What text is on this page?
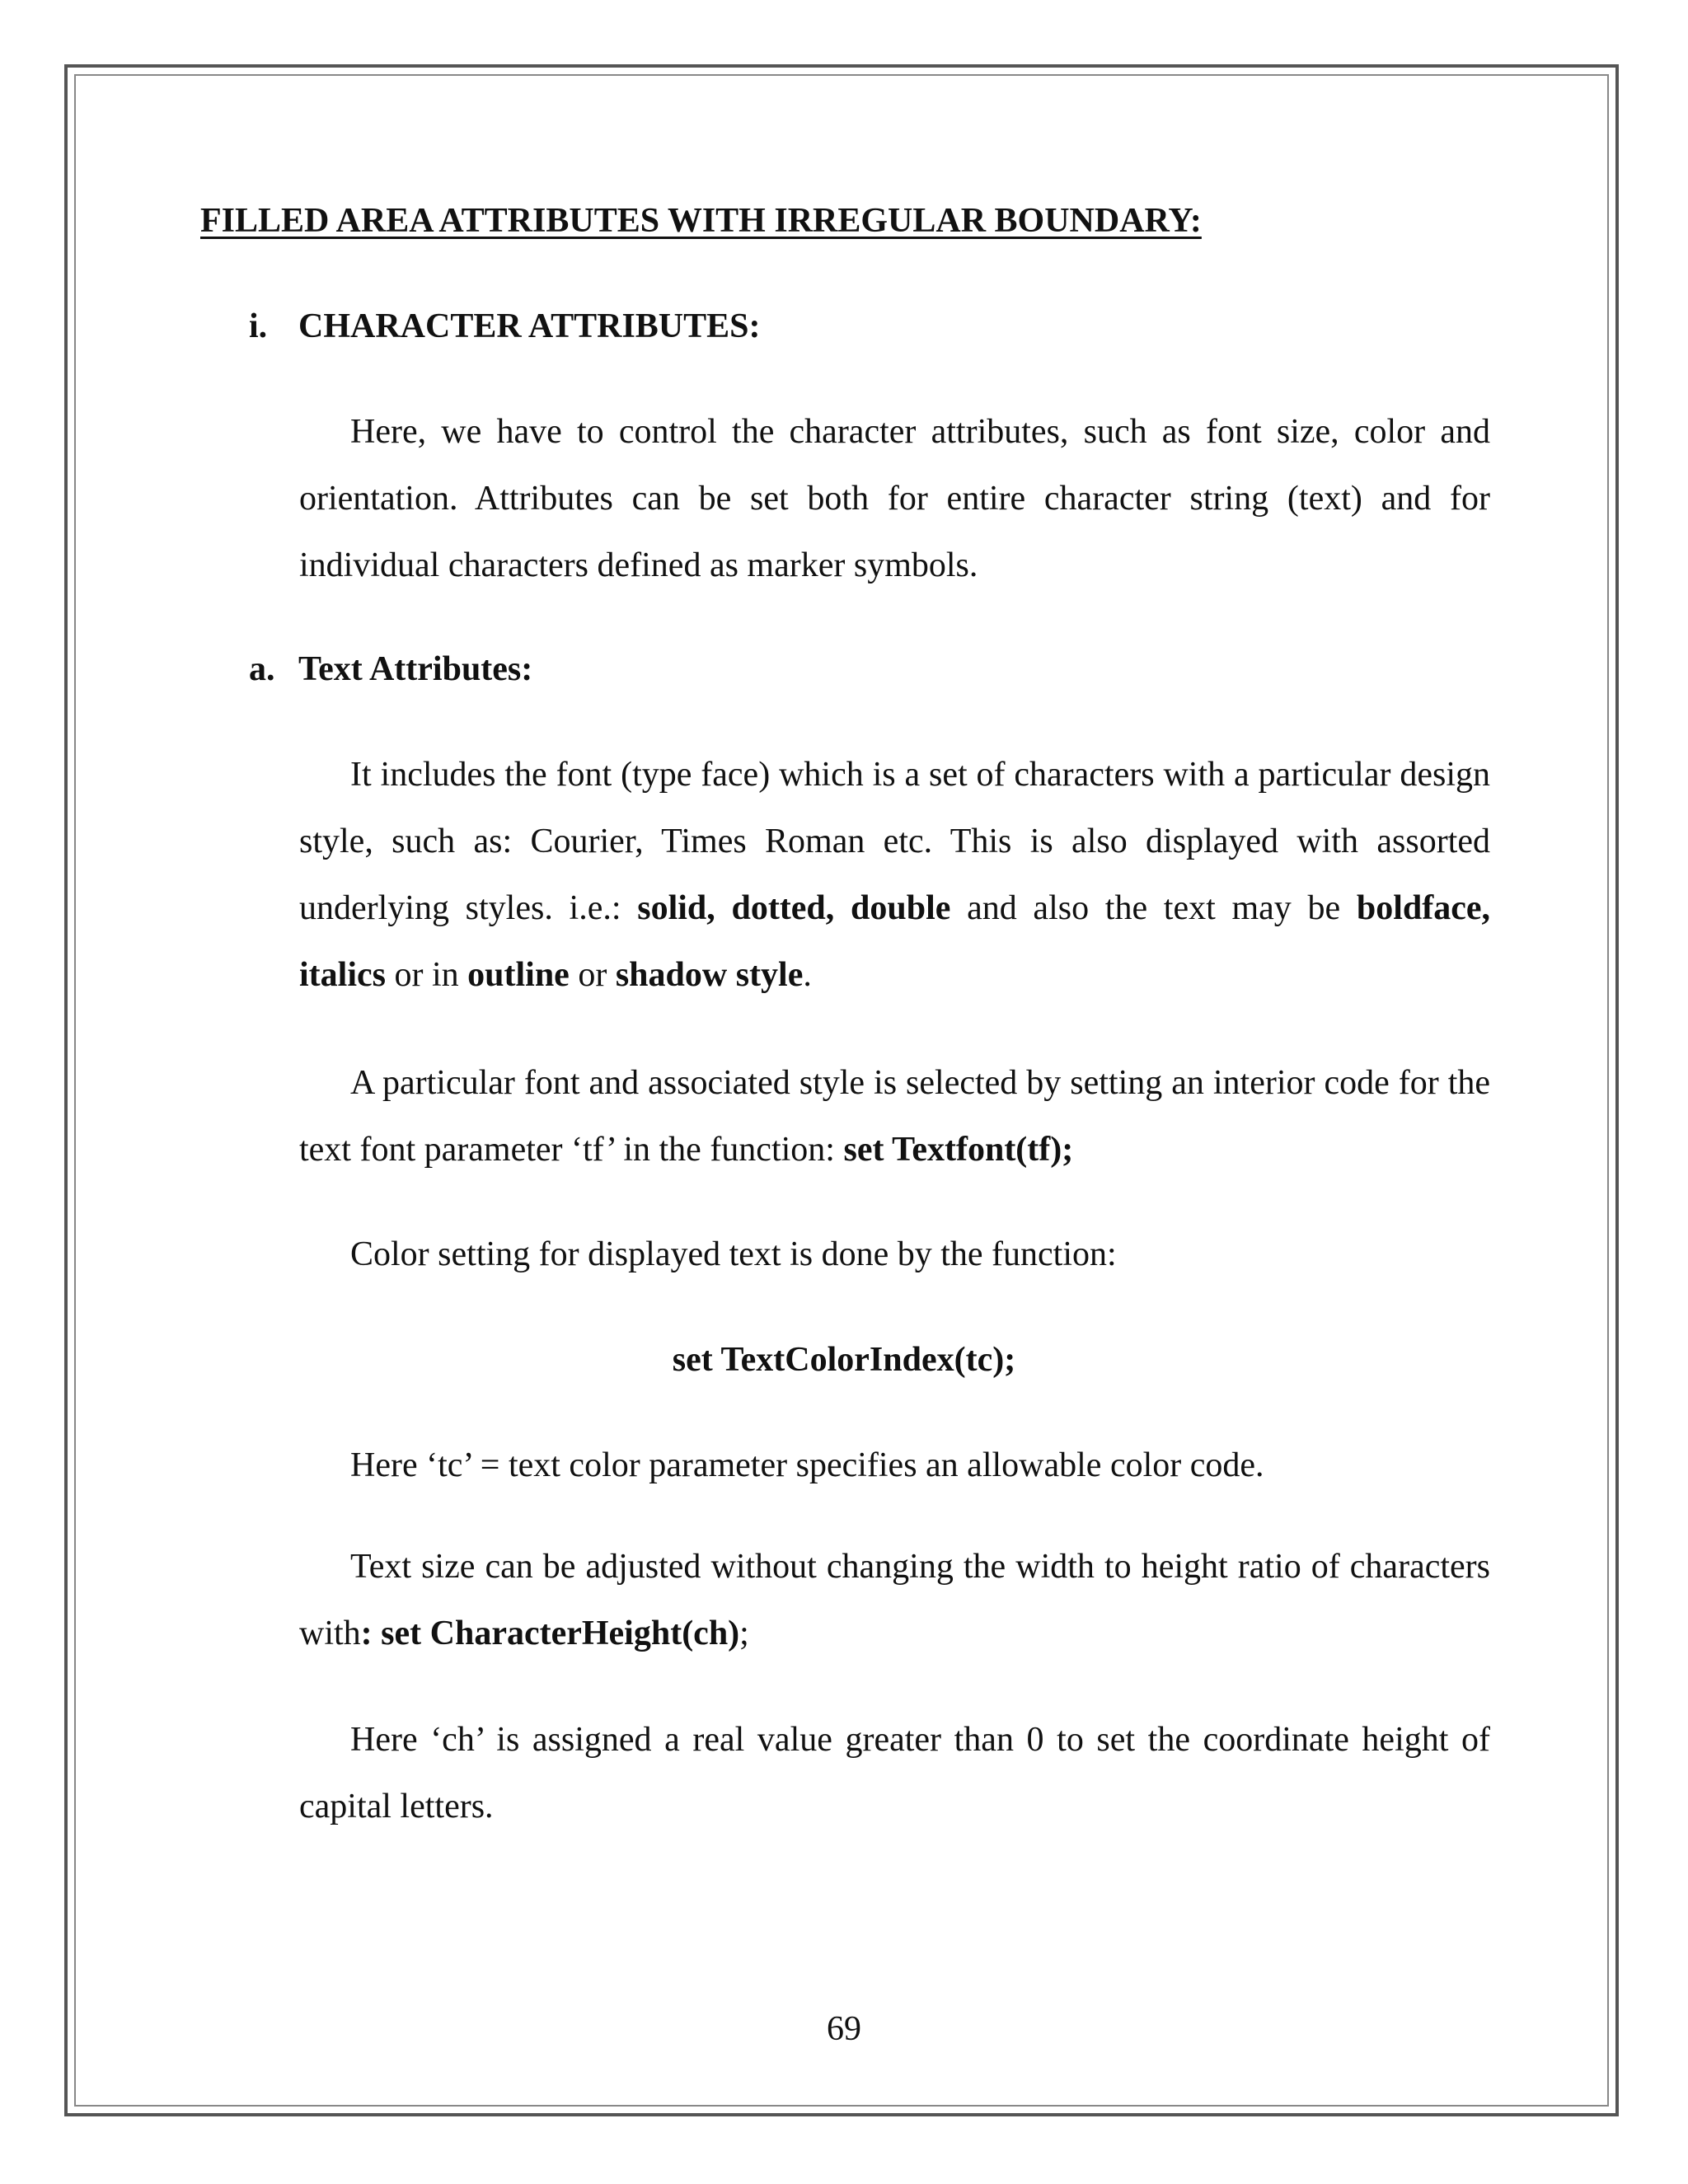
FILLED AREA ATTRIBUTES WITH IRREGULAR BOUNDARY:
i. CHARACTER ATTRIBUTES:

Here, we have to control the character attributes, such as font size, color and orientation. Attributes can be set both for entire character string (text) and for individual characters defined as marker symbols.

a. Text Attributes:

It includes the font (type face) which is a set of characters with a particular design style, such as: Courier, Times Roman etc. This is also displayed with assorted underlying styles. i.e.: solid, dotted, double and also the text may be boldface, italics or in outline or shadow style.

A particular font and associated style is selected by setting an interior code for the text font parameter ‘tf’ in the function: set Textfont(tf);

Color setting for displayed text is done by the function:

set TextColorIndex(tc);

Here ‘tc’ = text color parameter specifies an allowable color code.

Text size can be adjusted without changing the width to height ratio of characters with: set CharacterHeight(ch);

Here ‘ch’ is assigned a real value greater than 0 to set the coordinate height of capital letters.

69
